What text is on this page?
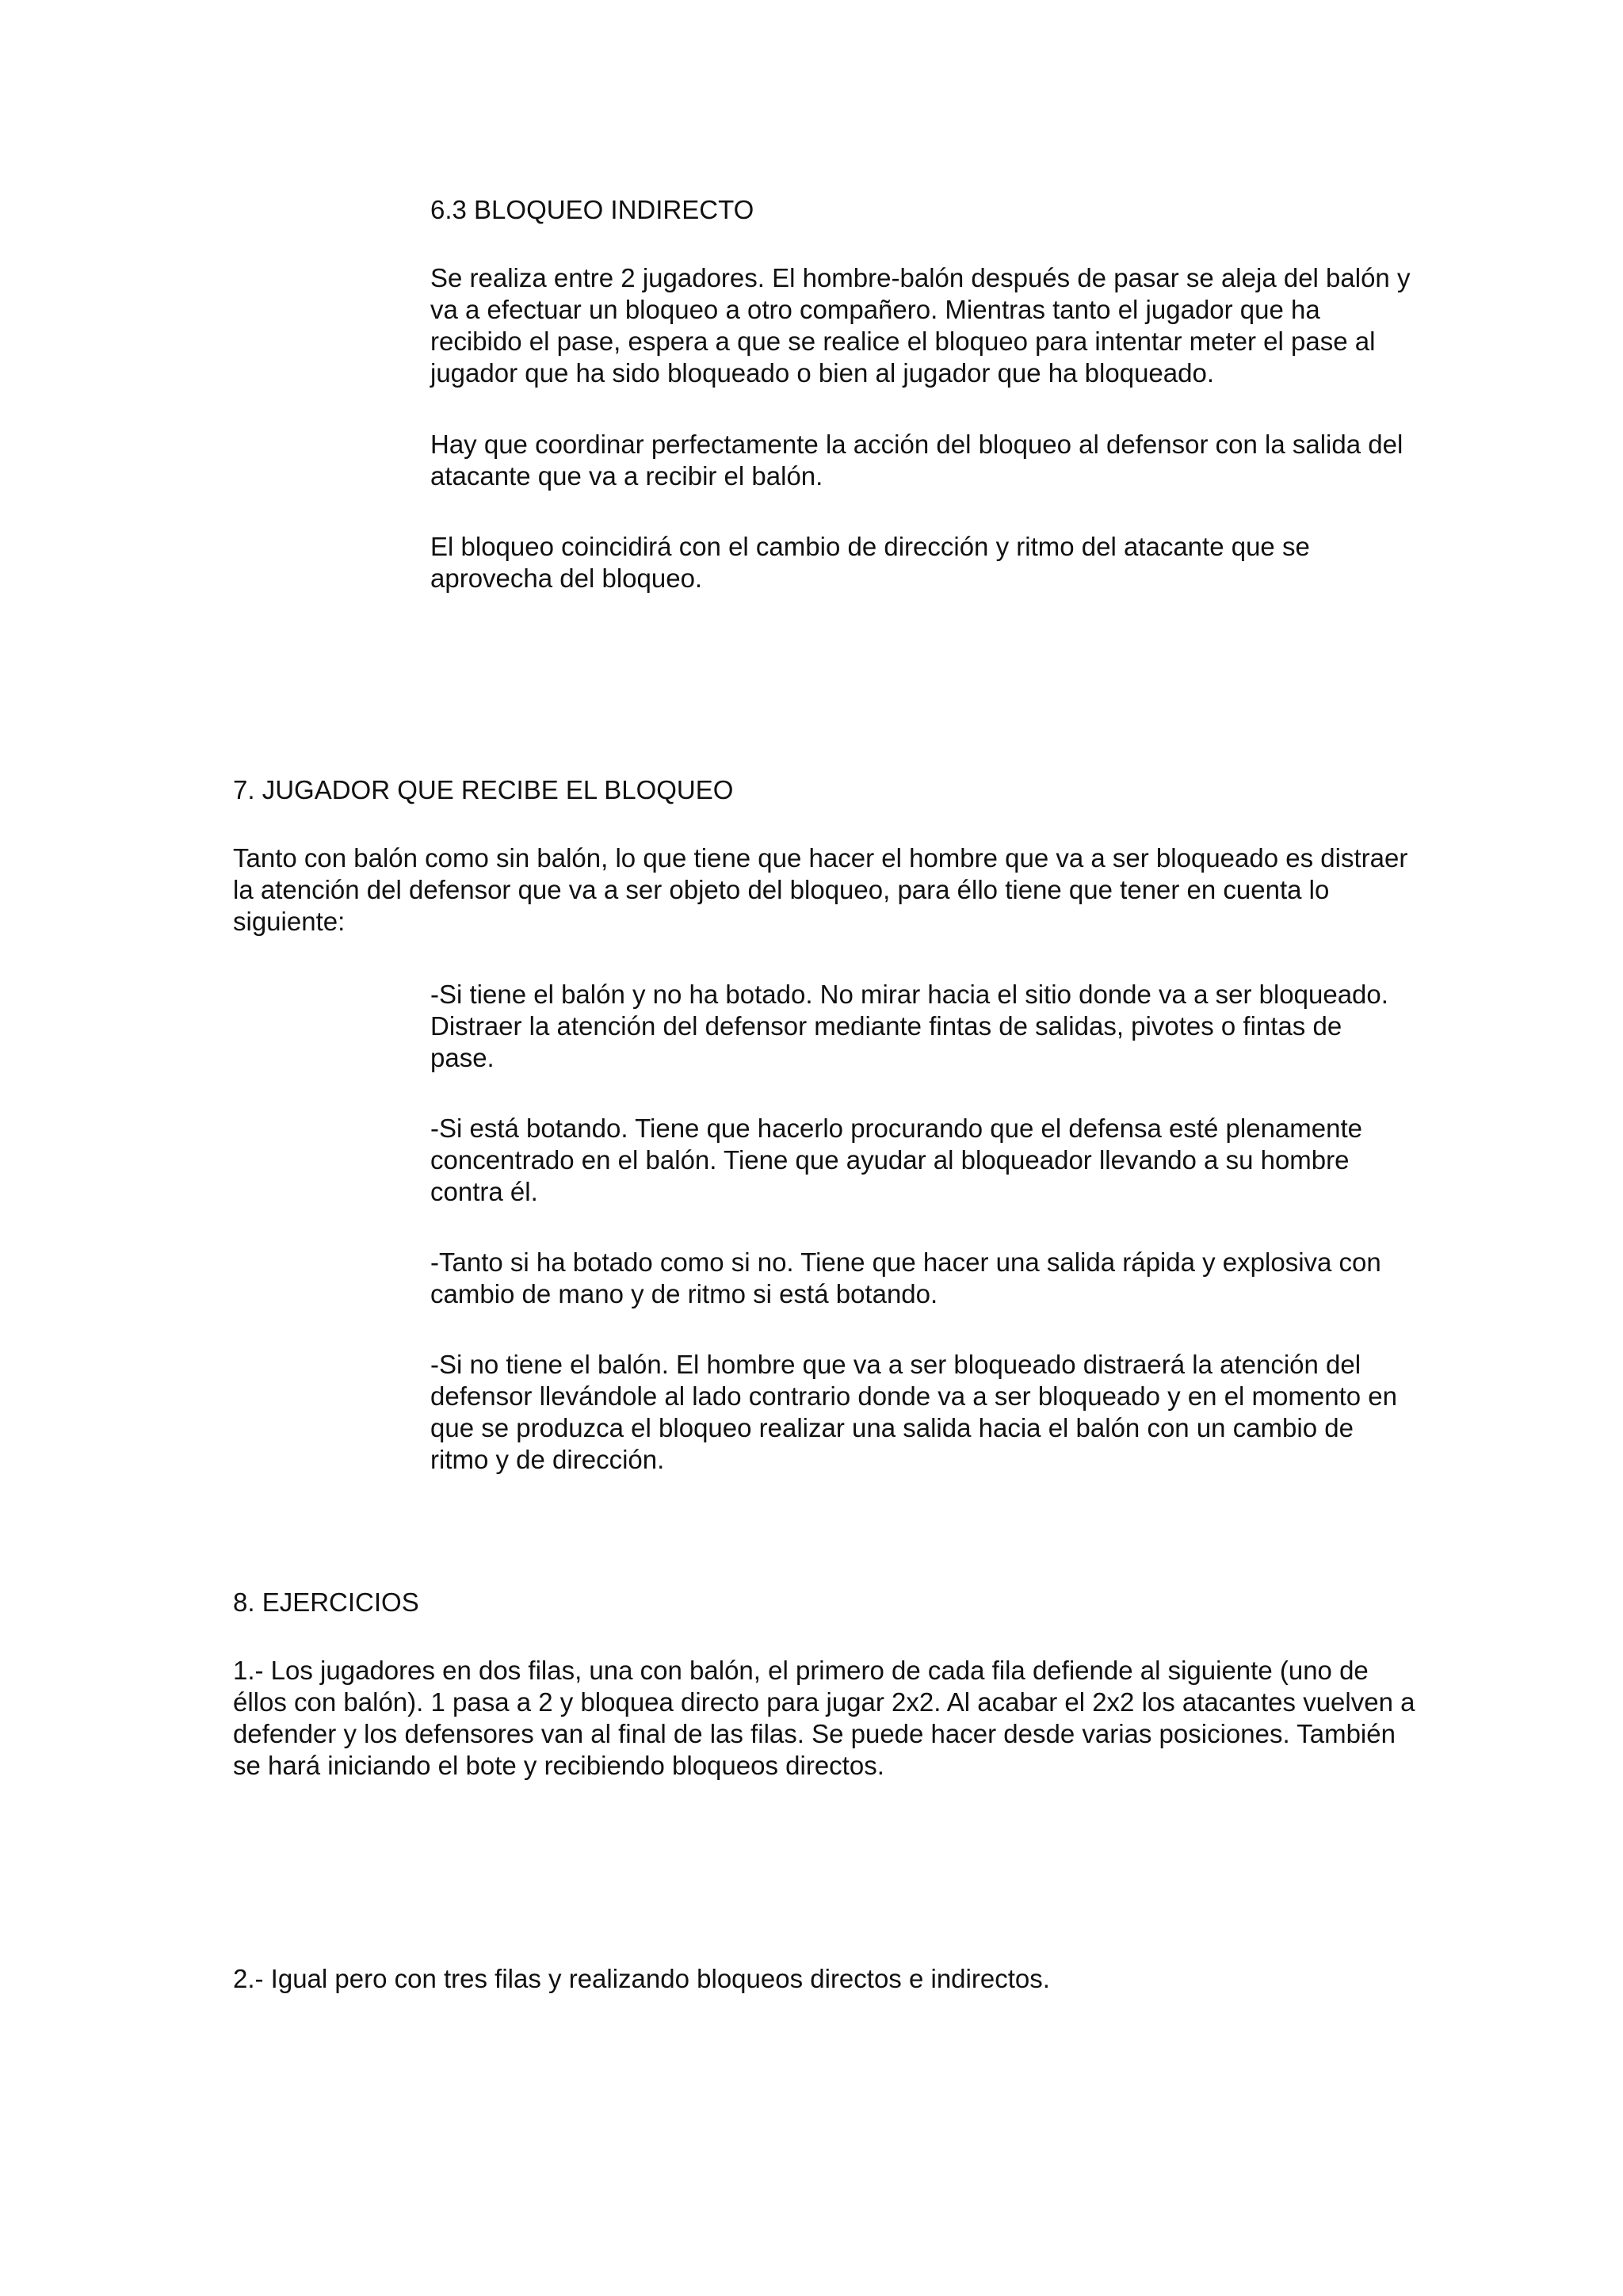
6.3 BLOQUEO INDIRECTO

Se realiza entre 2 jugadores. El hombre-balón después de pasar se aleja del balón y va a efectuar un bloqueo a otro compañero. Mientras tanto el jugador que ha recibido el pase, espera a que se realice el bloqueo para intentar meter el pase al jugador que ha sido bloqueado o bien al jugador que ha bloqueado.

Hay que coordinar perfectamente la acción del bloqueo al defensor con la salida del atacante que va a recibir el balón.

El bloqueo coincidirá con el cambio de dirección y ritmo del atacante que se aprovecha del bloqueo.

7. JUGADOR QUE RECIBE EL BLOQUEO

Tanto con balón como sin balón, lo que tiene que hacer el hombre que va a ser bloqueado es distraer la atención del defensor que va a ser objeto del bloqueo, para éllo tiene que tener en cuenta lo siguiente:

-Si tiene el balón y no ha botado. No mirar hacia el sitio donde va a ser bloqueado. Distraer la atención del defensor mediante fintas de salidas, pivotes o fintas de pase.

-Si está botando. Tiene que hacerlo procurando que el defensa esté plenamente concentrado en el balón. Tiene que ayudar al bloqueador llevando a su hombre contra él.

-Tanto si ha botado como si no. Tiene que hacer una salida rápida y explosiva con cambio de mano y de ritmo si está botando.

-Si no tiene el balón. El hombre que va a ser bloqueado distraerá la atención del defensor llevándole al lado contrario donde va a ser bloqueado y en el momento en que se produzca el bloqueo realizar una salida hacia el balón con un cambio de ritmo y de dirección.

8. EJERCICIOS

1.- Los jugadores en dos filas, una con balón, el primero de cada fila defiende al siguiente (uno de éllos con balón). 1 pasa a 2 y bloquea directo para jugar 2x2. Al acabar el 2x2 los atacantes vuelven a defender y los defensores van al final de las filas. Se puede hacer desde varias posiciones. También se hará iniciando el bote y recibiendo bloqueos directos.

2.- Igual pero con tres filas y realizando bloqueos directos e indirectos.
